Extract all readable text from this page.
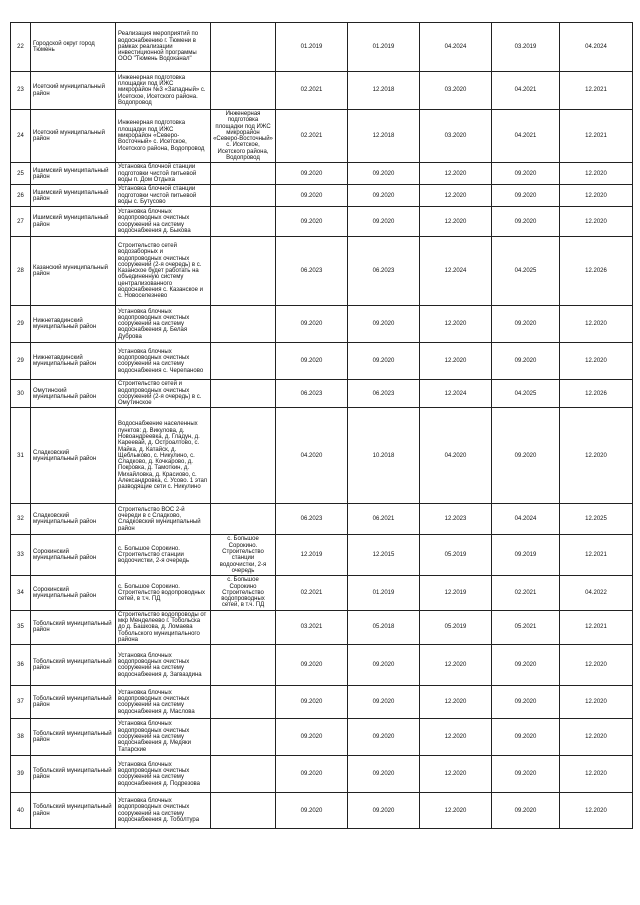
22	Городской округ город Тюмень	Реализация мероприятий по водоснабжению г. Тюмени в рамках реализации инвестиционной программы ООО "Тюмень Водоканал"		01.2019	01.2019	04.2024	03.2019	04.2024
23	Исетский муниципальный район	Инженерная подготовка площадки под ИЖС микрорайон №3 «Западный» с. Исетское, Исетского района. Водопровод		02.2021	12.2018	03.2020	04.2021	12.2021
24	Исетский муниципальный район	Инженерная подготовка площадки под ИЖС микрорайон «Северо-Восточный» с. Исетское, Исетского района, Водопровод	Инженерная подготовка площадки под ИЖС микрорайон «Северо-Восточный» с. Исетское, Исетского района, Водопровод	02.2021	12.2018	03.2020	04.2021	12.2021
25	Ишимский муниципальный район	Установка блочной станции подготовки чистой питьевой воды п. Дом Отдыха		09.2020	09.2020	12.2020	09.2020	12.2020
26	Ишимский муниципальный район	Установка блочной станции подготовки чистой питьевой воды с. Бутусово		09.2020	09.2020	12.2020	09.2020	12.2020
27	Ишимский муниципальный район	Установка блочных водопроводных очистных сооружений на систему водоснабжения д. Быкова		09.2020	09.2020	12.2020	09.2020	12.2020
28	Казанский муниципальный район	Строительство сетей водозаборных и водопроводных очистных сооружений (2-я очередь) в с. Казанское будет работать на объединенную систему централизованного водоснабжения с. Казанское и с. Новоселезнево		06.2023	06.2023	12.2024	04.2025	12.2026
29	Нижнетавдинский муниципальный район	Установка блочных водопроводных очистных сооружений на систему водоснабжения д. Белая Дуброва		09.2020	09.2020	12.2020	09.2020	12.2020
29	Нижнетавдинский муниципальный район	Установка блочных водопроводных очистных сооружений на систему водоснабжения с. Черепаново		09.2020	09.2020	12.2020	09.2020	12.2020
30	Омутинский муниципальный район	Строительство сетей и водопроводных очистных сооружений (2-я очередь) в с. Омутинское		06.2023	06.2023	12.2024	04.2025	12.2026
31	Сладковский муниципальный район	Водоснабжение населенных пунктов: д. Викулова, д. Новоандреевка, д. Гладун, д. Кареевай, д. Остроалтово, с. Майка, д. Катайск, д. Щеблыково, с. Никулино, с. Сладково, д. Кочкарово, д. Покровка, д. Тамоткин, д. Михайловка, д. Красиово, с. Александровка, с. Усово. 1 этап разводящие сети с. Никулино		04.2020	10.2018	04.2020	09.2020	12.2020
32	Сладковский муниципальный район	Строительство ВОС 2-й очереди в с Сладково, Сладковский муниципальный район		06.2023	06.2021	12.2023	04.2024	12.2025
33	Сорокинский муниципальный район	с. Большое Сорокино. Строительство станции водоочистки, 2-я очередь	с. Большое Сорокино. Строительство станции водоочистки, 2-я очередь	12.2019	12.2015	05.2019	09.2019	12.2021
34	Сорокинский муниципальный район	с. Большое Сорокино. Строительство водопроводных сетей, в т.ч. ПД	с. Большое Сорокино Строительство водопроводных сетей, в т.ч. ПД	02.2021	01.2019	12.2019	02.2021	04.2022
35	Тобольский муниципальный район	Строительство водопроводы от мкр Менделеево г. Тобольска до д. Башкова, д. Ломаева Тобольского муниципального района		03.2021	05.2018	05.2019	05.2021	12.2021
36	Тобольский муниципальный район	Установка блочных водопроводных очистных сооружений на систему водоснабжения д. Загваздина		09.2020	09.2020	12.2020	09.2020	12.2020
37	Тобольский муниципальный район	Установка блочных водопроводных очистных сооружений на систему водоснабжения д. Маслова		09.2020	09.2020	12.2020	09.2020	12.2020
38	Тобольский муниципальный район	Установка блочных водопроводных очистных сооружений на систему водоснабжения д. Медяки Татарские		09.2020	09.2020	12.2020	09.2020	12.2020
39	Тобольский муниципальный район	Установка блочных водопроводных очистных сооружений на систему водоснабжения д. Подрезова		09.2020	09.2020	12.2020	09.2020	12.2020
40	Тобольский муниципальный район	Установка блочных водопроводных очистных сооружений на систему водоснабжения д. Тоболтура		09.2020	09.2020	12.2020	09.2020	12.2020
